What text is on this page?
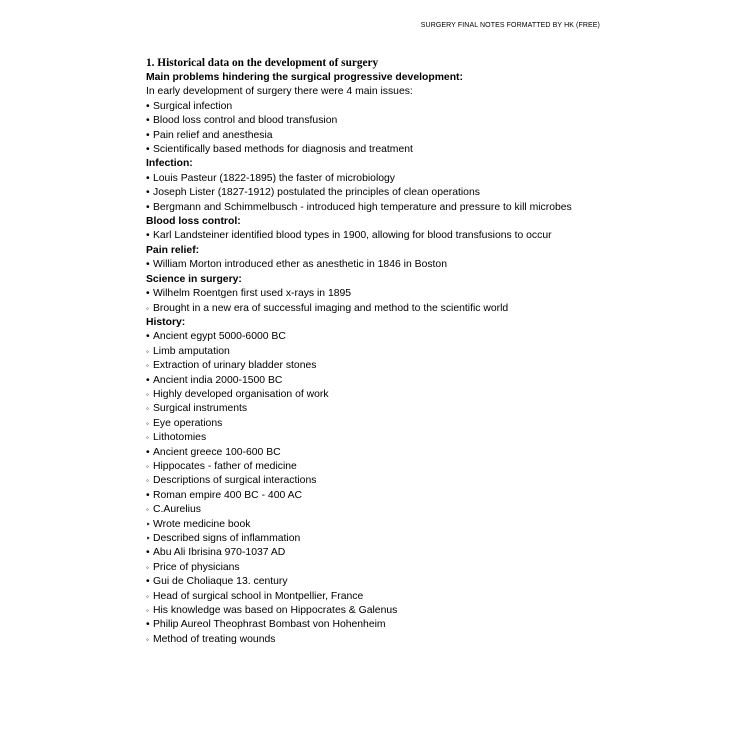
SURGERY FINAL NOTES FORMATTED BY HK (FREE)
1. Historical data on the development of surgery
Main problems hindering the surgical progressive development:
In early development of surgery there were 4 main issues:
• Surgical infection
• Blood loss control and blood transfusion
• Pain relief and anesthesia
• Scientifically based methods for diagnosis and treatment
Infection:
• Louis Pasteur (1822-1895) the faster of microbiology
• Joseph Lister (1827-1912) postulated the principles of clean operations
• Bergmann and Schimmelbusch - introduced high temperature and pressure to kill microbes
Blood loss control:
• Karl Landsteiner identified blood types in 1900, allowing for blood transfusions to occur
Pain relief:
• William Morton introduced ether as anesthetic in 1846 in Boston
Science in surgery:
• Wilhelm Roentgen first used x-rays in 1895
◦ Brought in a new era of successful imaging and method to the scientific world
History:
• Ancient egypt 5000-6000 BC
◦ Limb amputation
◦ Extraction of urinary bladder stones
• Ancient india 2000-1500 BC
◦ Highly developed organisation of work
◦ Surgical instruments
◦ Eye operations
◦ Lithotomies
• Ancient greece 100-600 BC
◦ Hippocates - father of medicine
◦ Descriptions of surgical interactions
• Roman empire 400 BC - 400 AC
◦ C.Aurelius
‣ Wrote medicine book
‣ Described signs of inflammation
• Abu Ali Ibrisina 970-1037 AD
◦ Price of physicians
• Gui de Choliaque 13. century
◦ Head of surgical school in Montpellier, France
◦ His knowledge was based on Hippocrates & Galenus
• Philip Aureol Theophrast Bombast von Hohenheim
◦ Method of treating wounds
